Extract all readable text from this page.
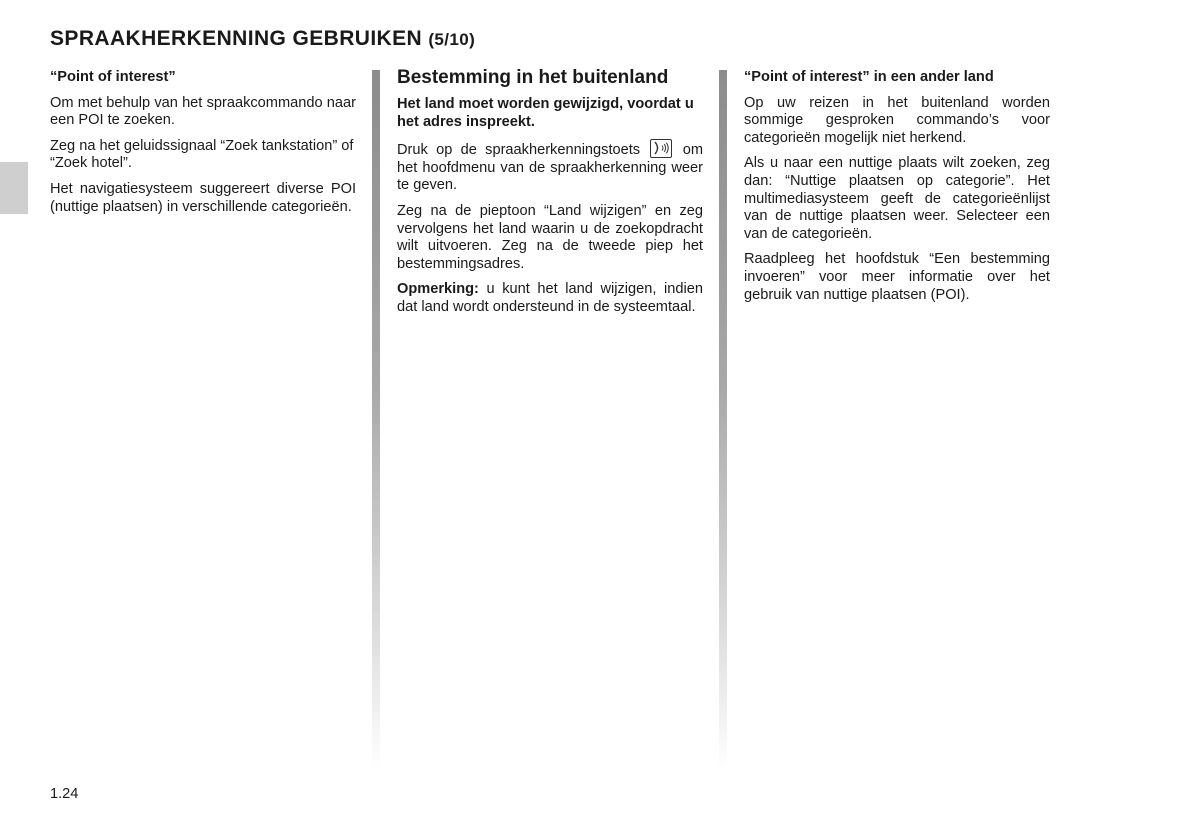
SPRAAKHERKENNING GEBRUIKEN (5/10)
“Point of interest”

Om met behulp van het spraakcommando naar een POI te zoeken.

Zeg na het geluidssignaal “Zoek tankstation” of “Zoek hotel”.

Het navigatiesysteem suggereert diverse POI (nuttige plaatsen) in verschillende categorieën.

Bestemming in het buitenland

Het land moet worden gewijzigd, voordat u het adres inspreekt.

Druk op de spraakherkenningstoets	om het hoofdmenu van de spraakherkenning weer te geven.

Zeg na de pieptoon “Land wijzigen” en zeg vervolgens het land waarin u de zoekopdracht wilt uitvoeren. Zeg na de tweede piep het bestemmingsadres.

Opmerking: u kunt het land wijzigen, indien dat land wordt ondersteund in de systeemtaal.

“Point of interest” in een ander land

Op uw reizen in het buitenland worden sommige gesproken commando’s voor categorieën mogelijk niet herkend.

Als u naar een nuttige plaats wilt zoeken, zeg dan: “Nuttige plaatsen op categorie”. Het multimediasysteem geeft de categorieënlijst van de nuttige plaatsen weer. Selecteer een van de categorieën.

Raadpleeg het hoofdstuk “Een bestemming invoeren” voor meer informatie over het gebruik van nuttige plaatsen (POI).

1.24
